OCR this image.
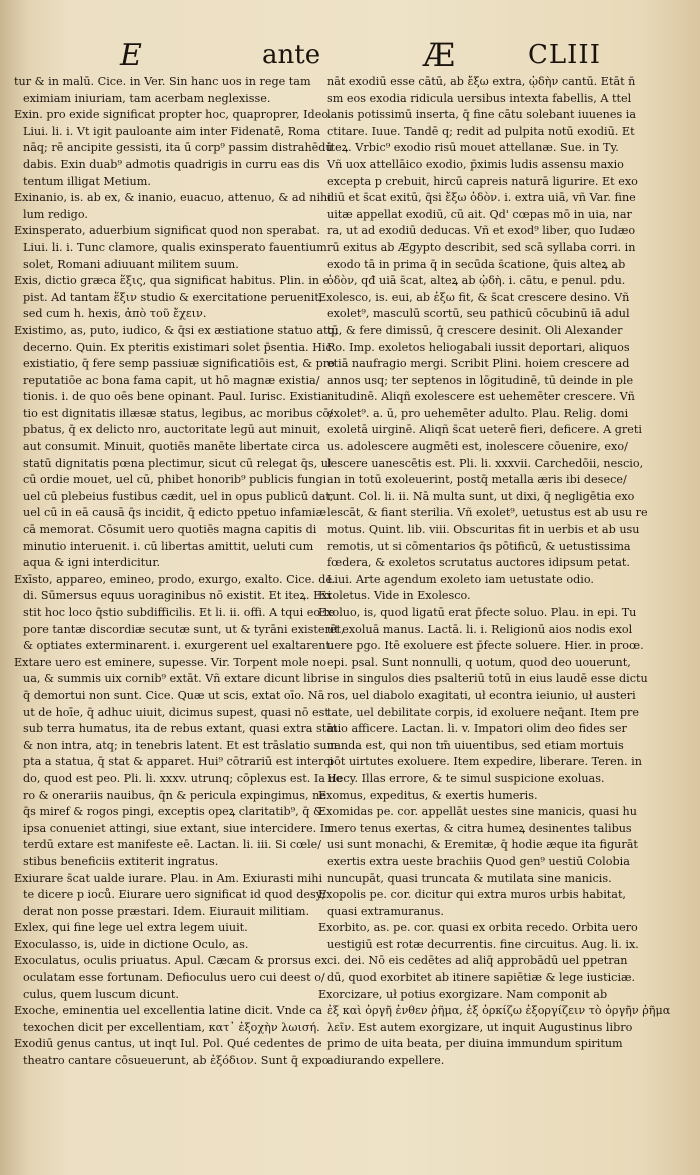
E	ante	Æ	CLIII
tur & in malū. Cice. in Ver. Sin hanc uos in rege tam
eximiam iniuriam, tam acerbam neglexisse.
Exin. pro exide significat propter hoc, quaproprer, Ideo.
Liui. li. i. Vt igit pauloante aim inter Fidenatē, Roma
nāq; rē ancipite gessisti, ita ū corp⁹ passim distrahēdū
dabis. Exin duab⁹ admotis quadrigis in curru eas dis
tentum illigat Metium.
Exinanio, is. ab ex, & inanio, euacuo, attenuo, & ad nihi
lum redigo.
Exinsperato, aduerbium significat quod non sperabat.
Liui. li. i. Tunc clamore, qualis exinsperato fauentium
solet, Romani adiuuant militem suum.
Exis, dictio græca ἕξις, qua significat habitus. Plin. in e
pist. Ad tantam ἕξιν studio & exercitatione peruenit,
sed cum h. hexis, ἀπὸ τοῦ ἔχειν.
Existimo, as, puto, iudico, & q̄si ex æstiatione statuo atq;
decerno. Quin. Ex pteritis existimari solet p̄sentia. Hic
existiatio, q̄ fere semp passiuæ significatiōis est, & pro
reputatiōe ac bona fama capit, ut hō magnæ existia/
tionis. i. de quo oēs bene opinant. Paul. Iurisc. Existia
tio est dignitatis illæsæ status, legibus, ac moribus cō/
pbatus, q̄ ex delicto nro, auctoritate legū aut minuit,
aut consumit. Minuit, quotiēs manēte libertate circa
statū dignitatis pœna plectimur, sicut cū relegat q̄s, uł
cū ordie mouet, uel cū, phibet honorib⁹ publicis fungi
uel cū plebeius fustibus cædit, uel in opus publicū dat,
uel cū in eā causā q̄s incidit, q̄ edicto ppetuo infamiæ
cā memorat. Cōsumit uero quotiēs magna capitis di
minutio interuenit. i. cū libertas amittit, ueluti cum
aqua & igni interdicitur.
Exīsto, appareo, emineo, prodo, exurgo, exalto. Cice. de
di. Sūmersus equus uoraginibus nō existit. Et iteꝝ. Exi
stit hoc loco q̄stio subdifficilis. Et li. ii. offi. A tqui eo te
pore tantæ discordiæ secutæ sunt, ut & tyrāni existerēt,
& optiates exterminarent. i. exurgerent uel exaltarent.
Extare uero est eminere, supesse. Vir. Torpent mole no
ua, & summis uix cornib⁹ extāt. Vñ extare dicunt libri
q̄ demortui non sunt. Cice. Quæ ut scis, extat oīo. Nā
ut de hoīe, q̄ adhuc uiuit, dicimus supest, quasi nō est
sub terra humatus, ita de rebus extant, quasi extra stāt
& non intra, atq; in tenebris latent. Et est trāslatio sum
pta a statua, q̄ stat & apparet. Hui⁹ cōtrariū est interci
do, quod est peo. Pli. li. xxxv. utrunq; cōplexus est. Ia ue
ro & onerariis nauibus, q̄n & pericula expingimus, ne
q̄s miref & rogos pingi, exceptis opeꝝ claritatib⁹, q̄ &
ipsa conueniet attingi, siue extant, siue intercidere. In
terdū extare est manifeste eē. Lactan. li. iii. Si cœle/
stibus beneficiis extiterit ingratus.
Exiurare s̄cat ualde iurare. Plau. in Am. Exiurasti mihi
te dicere p ioců. Eiurare uero significat id quod desy/
derat non posse præstari. Idem. Eiurauit militiam.
Exlex, qui fine lege uel extra legem uiuit.
Exoculasso, is, uide in dictione Oculo, as.
Exoculatus, oculis priuatus. Apul. Cæcam & prorsus ex
oculatam esse fortunam. Defioculus uero cui deest o/
culus, quem luscum dicunt.
Exoche, eminentia uel excellentia latine dicit. Vnde ca
texochen dicit per excellentiam, κατ᾽ ἐξοχὴν λωισή.
Exodiū genus cantus, ut inqt Iul. Pol. Qué cedentes de
theatro cantare cōsueuerunt, ab ἐξόδιον. Sunt q̄ expo
nāt exodiū esse cātū, ab ἔξω extra, ᾠδὴν cantū. Etāt n̄
sm eos exodia ridicula uersibus intexta fabellis, A ttel
lanis potissimū inserta, q̄ fine cātu solebant iuuenes ia
ctitare. Iuue. Tandē q; redit ad pulpita notū exodiū. Et
iteꝝ. Vrbic⁹ exodio risū mouet attellanæ. Sue. in Ty.
Vñ uox attellāico exodio, p̄ximis ludis assensu maxio
excepta p crebuit, hircū capreis naturā ligurire. Et exo
diū et s̄cat exitū, q̄si ἔξω ὁδὸν. i. extra uiā, vñ Var. fine
uitæ appellat exodiū, cū ait. Qd' cœpas mō in uia, nar
ra, ut ad exodiū deducas. Vñ et exod⁹ liber, quo Iudæo
rū exitus ab Ægypto describit, sed scā syllaba corri. in
exodo tā in prima q̄ in secūda s̄catione, q̄uis alteꝝ ab
ὁδὸν, qđ uiā s̄cat, alteꝝ ab ᾠδὴ. i. cātu, e penul. pdu.
Exolesco, is. eui, ab ἐξω fit, & s̄cat crescere desino. Vñ
exolet⁹, masculū scortū, seu pathicū cōcubinū iā adul
tū, & fere dimissū, q̄ crescere desinit. Oli Alexander
Ro. Imp. exoletos heliogabali iussit deportari, aliquos
etiā naufragio mergi. Scribit Plini. hoiem crescere ad
annos usq; ter septenos in lōgitudinē, tū deinde in ple
nitudinē. Aliqñ exolescere est uehemēter crescere. Vñ
exolet⁹. a. ū, pro uehemēter adulto. Plau. Relig. domi
exoletā uirginē. Aliqñ s̄cat ueterē fieri, deficere. A greti
us. adolescere augmēti est, inolescere cōuenire, exo/
lescere uanescētis est. Pli. li. xxxvii. Carchedōii, nescio,
an in totū exoleuerint, postq̄ metalla æris ibi desece/
runt. Col. li. ii. Nā multa sunt, ut dixi, q̄ negligētia exo
lescāt, & fiant sterilia. Vñ exolet⁹, uetustus est ab usu re
motus. Quint. lib. viii. Obscuritas fit in uerbis et ab usu
remotis, ut si cōmentarios q̄s pōtificū, & uetustissima
fœdera, & exoletos scrutatus auctores idipsum petat.
Liui. Arte agendum exoleto iam uetustate odio.
Exoletus. Vide in Exolesco.
Exoluo, is, quod ligatū erat p̄fecte soluo. Plau. in epi. Tu
ut exoluā manus. Lactā. li. i. Religionū aios nodis exol
uere pgo. Itē exoluere est p̄fecte soluere. Hier. in proœ.
epi. psal. Sunt nonnulli, q uotum, quod deo uouerunt,
se in singulos dies psalteriū totū in eius laudē esse dictu
ros, uel diabolo exagitati, uł econtra ieiunio, uł austeri
tate, uel debilitate corpis, id exoluere neq̄ant. Item pre
mio afficere. Lactan. li. v. Impatori olim deo fides ser
uanda est, qui non tm̄ uiuentibus, sed etiam mortuis
pōt uirtutes exoluere. Item expedire, liberare. Teren. in
Hecy. Illas errore, & te simul suspicione exoluas.
Exomus, expeditus, & exertis humeris.
Exomidas pe. cor. appellāt uestes sine manicis, quasi hu
mero tenus exertas, & citra humeꝝ desinentes talibus
usi sunt monachi, & Eremitæ, q̄ hodie æque ita figurāt
exertis extra ueste brachiis Quod gen⁹ uestiū Colobia
nuncupāt, quasi truncata & mutilata sine manicis.
Exopolis pe. cor. dicitur qui extra muros urbis habitat,
quasi extramuranus.
Exorbito, as. pe. cor. quasi ex orbita recedo. Orbita uero
uestigiū est rotæ decurrentis. fine circuitus. Aug. li. ix.
ci. dei. Nō eis cedētes ad aliq̄ approbādū uel ppetran
dū, quod exorbitet ab itinere sapiētiæ & lege iusticiæ.
Exorcizare, uł potius exorgizare. Nam componit ab
ἐξ καὶ ὀργῆ ἐνθεν ῥῆμα, ἐξ ὁρκίζω ἐξοργίζειν τὸ ὀργῆν ῥῆμα
λεῖν. Est autem exorgizare, ut inquit Augustinus libro
primo de uita beata, per diuina immundum spiritum
adiurando expellere.
